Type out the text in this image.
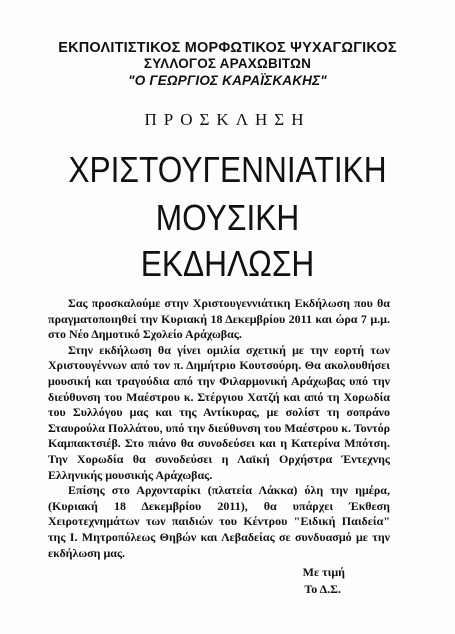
ΕΚΠΟΛΙΤΙΣΤΙΚΟΣ ΜΟΡΦΩΤΙΚΟΣ ΨΥΧΑΓΩΓΙΚΟΣ
ΣΥΛΛΟΓΟΣ ΑΡΑΧΩΒΙΤΩΝ
"Ο ΓΕΩΡΓΙΟΣ ΚΑΡΑΪΣΚΑΚΗΣ"
ΠΡΟΣΚΛΗΣΗ
ΧΡΙΣΤΟΥΓΕΝΝΙΑΤΙΚΗ
ΜΟΥΣΙΚΗ
ΕΚΔΗΛΩΣΗ

Σας προσκαλούμε στην Χριστουγεννιάτικη Εκδήλωση που θα πραγματοποιηθεί την Κυριακή 18 Δεκεμβρίου 2011 και ώρα 7 μ.μ. στο Νέο Δημοτικό Σχολείο Αράχωβας.

Στην εκδήλωση θα γίνει ομιλία σχετική με την εορτή των Χριστουγέννων από τον π. Δημήτριο Κουτσούρη. Θα ακολουθήσει μουσική και τραγούδια από την Φιλαρμονική Αράχωβας υπό την διεύθυνση του Μαέστρου κ. Στέργιου Χατζή και από τη Χορωδία του Συλλόγου μας και της Αντίκυρας, με σολίστ τη σοπράνο Σταυρούλα Πολλάτου, υπό την διεύθυνση του Μαέστρου κ. Τοντόρ Καμπακτσιέβ. Στο πιάνο θα συνοδεύσει και η Κατερίνα Μπότση. Την Χορωδία θα συνοδεύσει η Λαϊκή Ορχήστρα Έντεχνης Ελληνικής μουσικής Αράχωβας.

Επίσης στο Αρχονταρίκι (πλατεία Λάκκα) όλη την ημέρα, (Κυριακή 18 Δεκεμβρίου 2011), θα υπάρχει Έκθεση Χειροτεχνημάτων των παιδιών του Κέντρου "Ειδική Παιδεία" της Ι. Μητροπόλεως Θηβών και Λεβαδείας σε συνδυασμό με την εκδήλωση μας.

Με τιμή
Το Δ.Σ.
